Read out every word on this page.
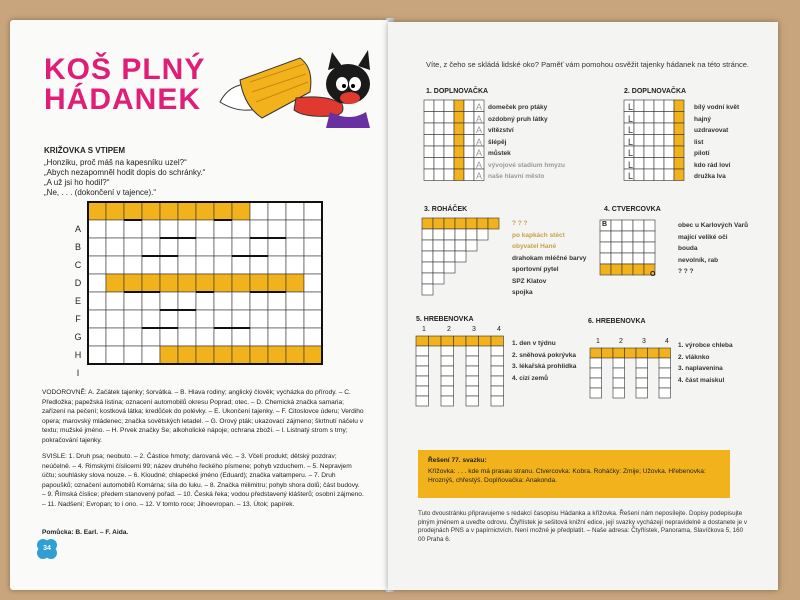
KOŠ PLNÝ
HÁDANEK
KRIŽOVKA S VTIPEM
„Honziku, proč máš na kapesníku uzel?“
„Abych nezapomněl hodit dopis do schránky.“
„A už jsi ho hodil?“
„Ne, . . . (dokončení v tajence).“
A
B
C
D
E
F
G
H
I
VODOROVNĚ: A. Začátek tajenky; šorvátka. – B. Hlava rodiny; anglický člověk; vycházka do přírody. – C. Předložka; papežská listina; oznacení automobilů okresu Poprad; otec. – D. Chemická značka samaria; zařízení na pečení; kostková látka; kredůček do polévky. – E. Ukončení tajenky. – F. Citoslovce úderu; Verdiho opera; marovský mládenec; značka sovětských letadel. – G. Orový pták; ukazovací zájmeno; škrtnutí náčelu v textu; mužské jméno. – H. Prvek značky Se; alkoholické nápoje; ochrana zboží. – I. Listnatý strom s trny; pokračování tajenky.
SVISLE: 1. Druh psa; neobuto. – 2. Částice hmoty; darovaná věc. – 3. Včelí produkt; dětský pozdrav; neúčelně. – 4. Rimskými číslicemi 99; název druhého řeckého písmene; pohyb vzduchem. – 5. Nepravjem účtu; souhlásky slova nouze. – 6. Kloudné; chlapecké jméno (Eduard); značka valtamperu. – 7. Druh papoušků; označení automobilů Komárna; síla do luku. – 8. Značka milimitru; pohyb shora dolů; část budovy. – 9. Římská číslice; předem stanovený pořad. – 10. Česká řeka; vodou představený klášterů; osobní zájmeno. – 11. Nadšení; Evropan; to i ono. – 12. V tomto roce; Jihoevropan. – 13. Útok; papírek.
Pomůcka: B. Earl. – F. Aida.
34
Víte, z čeho se skládá lidské oko? Paměť vám pomohou osvěžit tajenky hádanek na této stránce.
1. DOPLNOVAČKA
A
A
A
A
A
A
A
domeček pro ptáky
ozdobný pruh látky
vítězství
šlépěj
můstek
vývojové stadium hmyzu
naše hlavní město
2. DOPLNOVAČKA
L
L
L
L
L
L
L
bílý vodní květ
hajný
uzdravovat
list
pilotí
kdo rád loví
družka lva
3. ROHÁČEK
? ? ?
po kapkách stéct
obyvatel Hané
drahokam mléčné barvy
sportovní pytel
SPZ Klatov
spojka
4. CTVERCOVKA
B
O
obec u Karlových Varů
mající veliké oči
bouda
nevolník, rab
? ? ?
5. HREBENOVKA
1	2	3	4
1. den v týdnu
2. sněhová pokrývka
3. lékařská prohlídka
4. cizí zemů
6. HREBENOVKA
1	2	3	4
1. výrobce chleba
2. vláknko
3. naplavenina
4. část maiskul
Řešení 77. svazku:
Křížovka: . . . kde má prasau stranu. Ctvercovka: Kobra. Roháčky: Zmije; Užovka. Hřebenovka: Hroznýš, chřestýš. Doplňovačka: Anakonda.
Tuto dvoustránku připravujeme s redakcí časopisu Hádanka a křížovka. Řešení nám neposílejte. Dopisy podepisujte plným jménem a uveďte odrovu. Čtyřlístek je sešitová knižní edice, její svazky vycházejí nepravidelně a dostanete je v prodejnách PNS a v papírnictvích. Není možné je předplatit. – Naše adresa: Čtyřlístek, Panorama, Slavíčkova 5, 160 00 Praha 6.
